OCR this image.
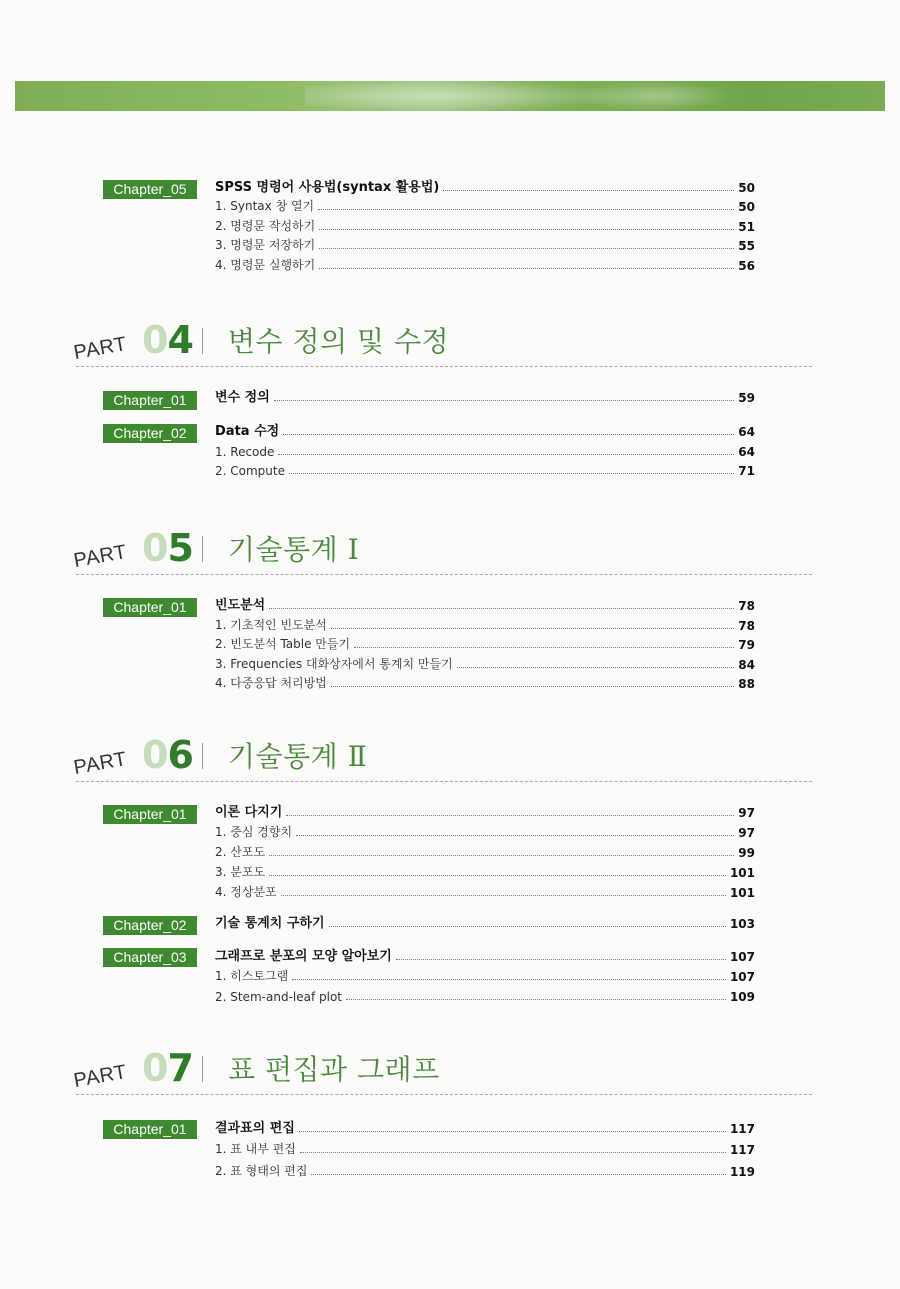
PART 04 변수 정의 및 수정
PART 05 기술통계 Ⅰ
PART 06 기술통계 Ⅱ
PART 07 표 편집과 그래프
Chapter_05	SPSS 명령어 사용법(syntax 활용법)	50
1. Syntax 창 열기	50
2. 명령문 작성하기	51
3. 명령문 저장하기	55
4. 명령문 실행하기	56
Chapter_01	변수 정의	59
Chapter_02	Data 수정	64
1. Recode	64
2. Compute	71
Chapter_01	빈도분석	78
1. 기초적인 빈도분석	78
2. 빈도분석 Table 만들기	79
3. Frequencies 대화상자에서 통계치 만들기	84
4. 다중응답 처리방법	88
Chapter_01	이론 다지기	97
1. 중심 경향치	97
2. 산포도	99
3. 분포도	101
4. 정상분포	101
Chapter_02	기술 통계치 구하기	103
Chapter_03	그래프로 분포의 모양 알아보기	107
1. 히스토그램	107
2. Stem-and-leaf plot	109
Chapter_01	결과표의 편집	117
1. 표 내부 편집	117
2. 표 형태의 편집	119
